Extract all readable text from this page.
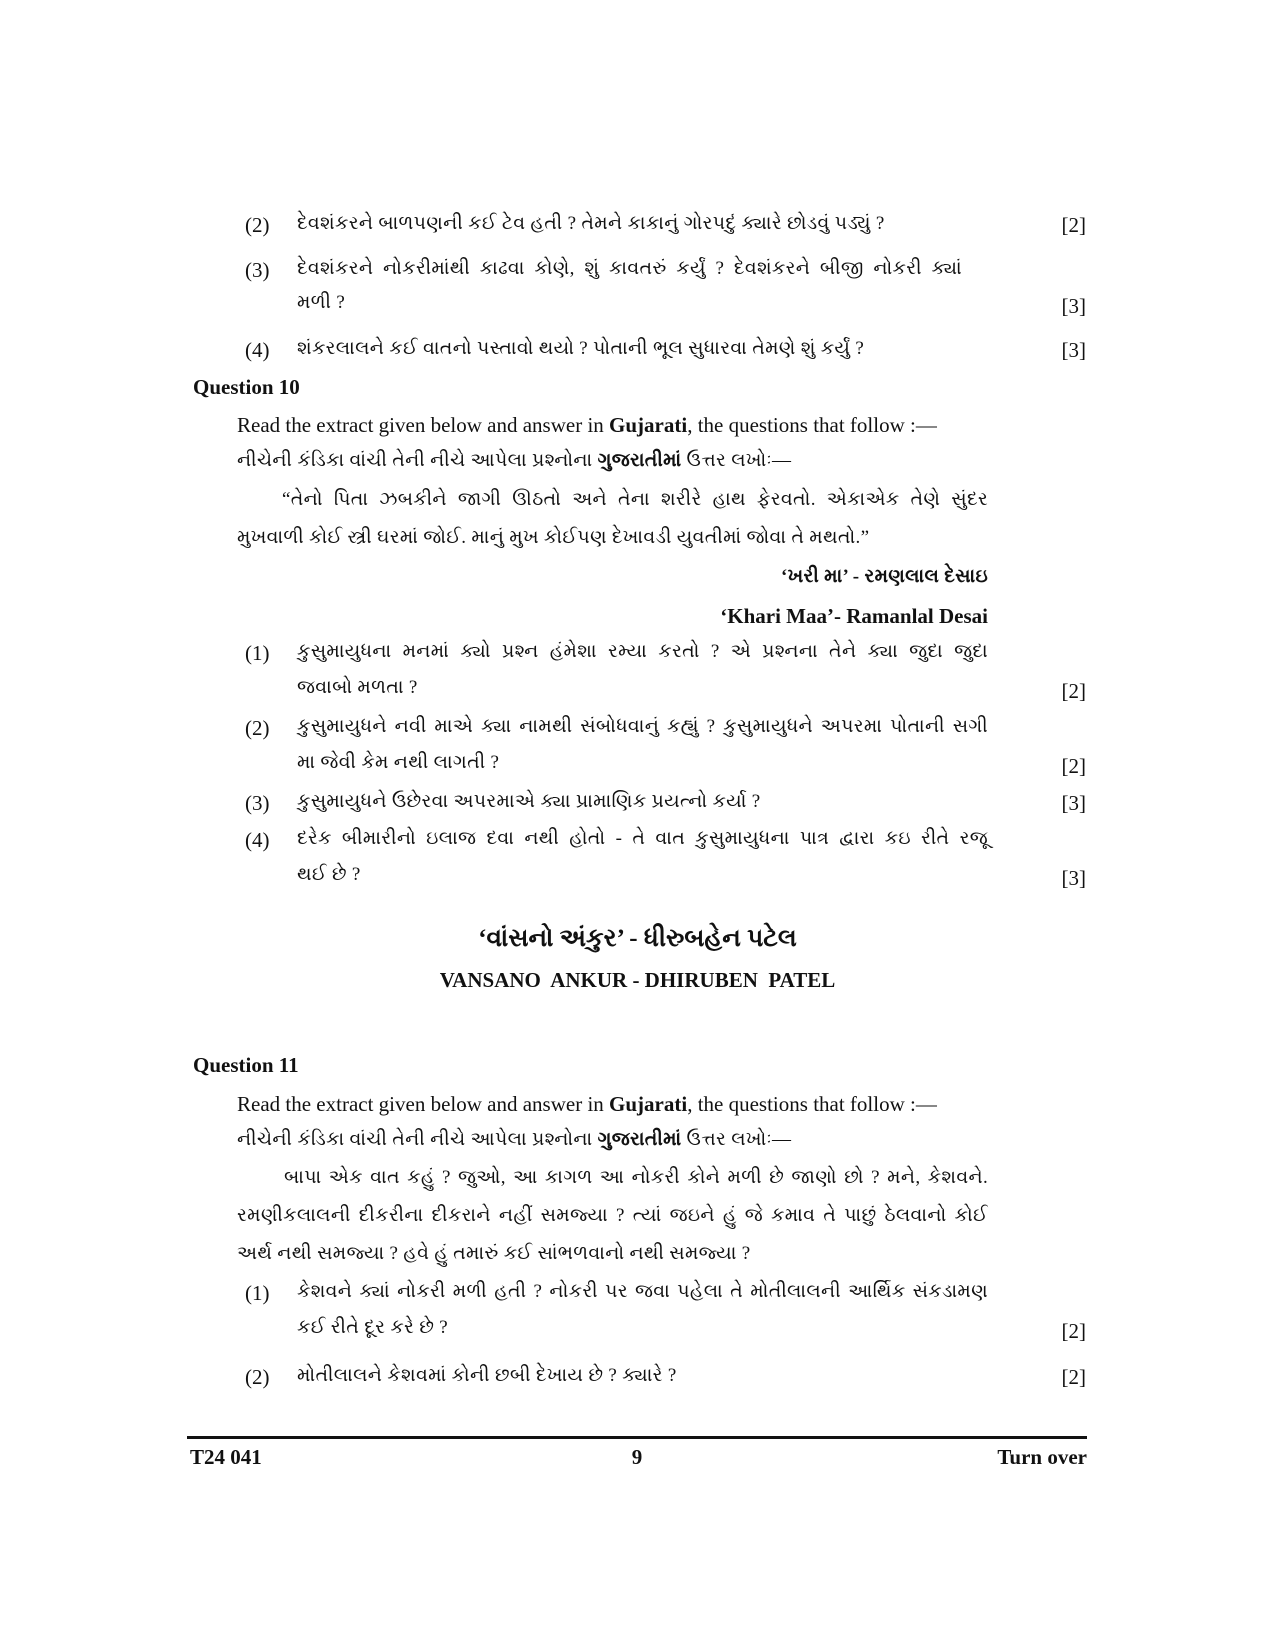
(2) દેવશંકરને બાળપણની કઈ ટેવ હતી ? તેમને કાકાનું ગોરપદું ક્યારે છોડવું પડ્યું ?	[2]
(3) દેવશંકરને નોકરીમાંથી કાઢવા કોણે, શું કાવતરું કર્યું ? દેવશંકરને બીજી નોકરી ક્યાં
મળી ?	[3]
(4) શંકરલાલને કઈ વાતનો પસ્તાવો થયો ? પોતાની ભૂલ સુધારવા તેમણે શું કર્યું ?	[3]
Question 10
Read the extract given below and answer in Gujarati, the questions that follow :—
નીચેની કંડિકા વાંચી તેની નીચે આપેલા પ્રશ્નોના ગુજરાતીમાં ઉત્તર લખોઃ—
“તેનો પિતા ઝબકીને જાગી ઊઠતો અને તેના શરીરે હાથ ફેરવતો. એકાએક તેણે સુંદર
મુખવાળી કોઈ સ્ત્રી ઘરમાં જોઈ. માનું મુખ કોઈપણ દેખાવડી યુવતીમાં જોવા તે મથતો.”
‘ખરી મા’ - રમણલાલ દેસાઇ
‘Khari Maa’- Ramanlal Desai
(1) કુસુમાયુધના મનમાં ક્યો પ્રશ્ન હંમેશા રમ્યા કરતો ? એ પ્રશ્નના તેને ક્યા જુદા જુદા
જવાબો મળતા ?	[2]
(2) કુસુમાયુધને નવી માએ ક્યા નામથી સંબોધવાનું કહ્યું ? કુસુમાયુધને અપરમા પોતાની સગી
મા જેવી કેમ નથી લાગતી ?	[2]
(3) કુસુમાયુધને ઉછેરવા અપરમાએ ક્યા પ્રામાણિક પ્રયત્નો કર્યા ?	[3]
(4) દરેક બીમારીનો ઇલાજ દવા નથી હોતો - તે વાત કુસુમાયુધના પાત્ર દ્વારા કઇ રીતે રજૂ
થઈ છે ?	[3]
‘વાંસનો અંકુર’ - ધીરુબહેન પટેલ
VANSANO  ANKUR - DHIRUBEN  PATEL
Question 11
Read the extract given below and answer in Gujarati, the questions that follow :—
નીચેની કંડિકા વાંચી તેની નીચે આપેલા પ્રશ્નોના ગુજરાતીમાં ઉત્તર લખોઃ—
બાપા એક વાત કહું ? જુઓ, આ કાગળ આ નોકરી કોને મળી છે જાણો છો ? મને, કેશવને.
રમણીકલાલની દીકરીના દીકરાને નહીં સમજ્યા ? ત્યાં જઇને હું જે કમાવ તે પાછું ઠેલવાનો કોઈ
અર્થ નથી સમજ્યા ? હવે હું તમારું કઈ સાંભળવાનો નથી સમજ્યા ?
(1) કેશવને ક્યાં નોકરી મળી હતી ? નોકરી પર જવા પહેલા તે મોતીલાલની આર્થિક સંકડામણ
કઈ રીતે દૂર કરે છે ?	[2]
(2) મોતીલાલને કેશવમાં કોની છબી દેખાય છે ? ક્યારે ?	[2]
T24 041	9	Turn over
